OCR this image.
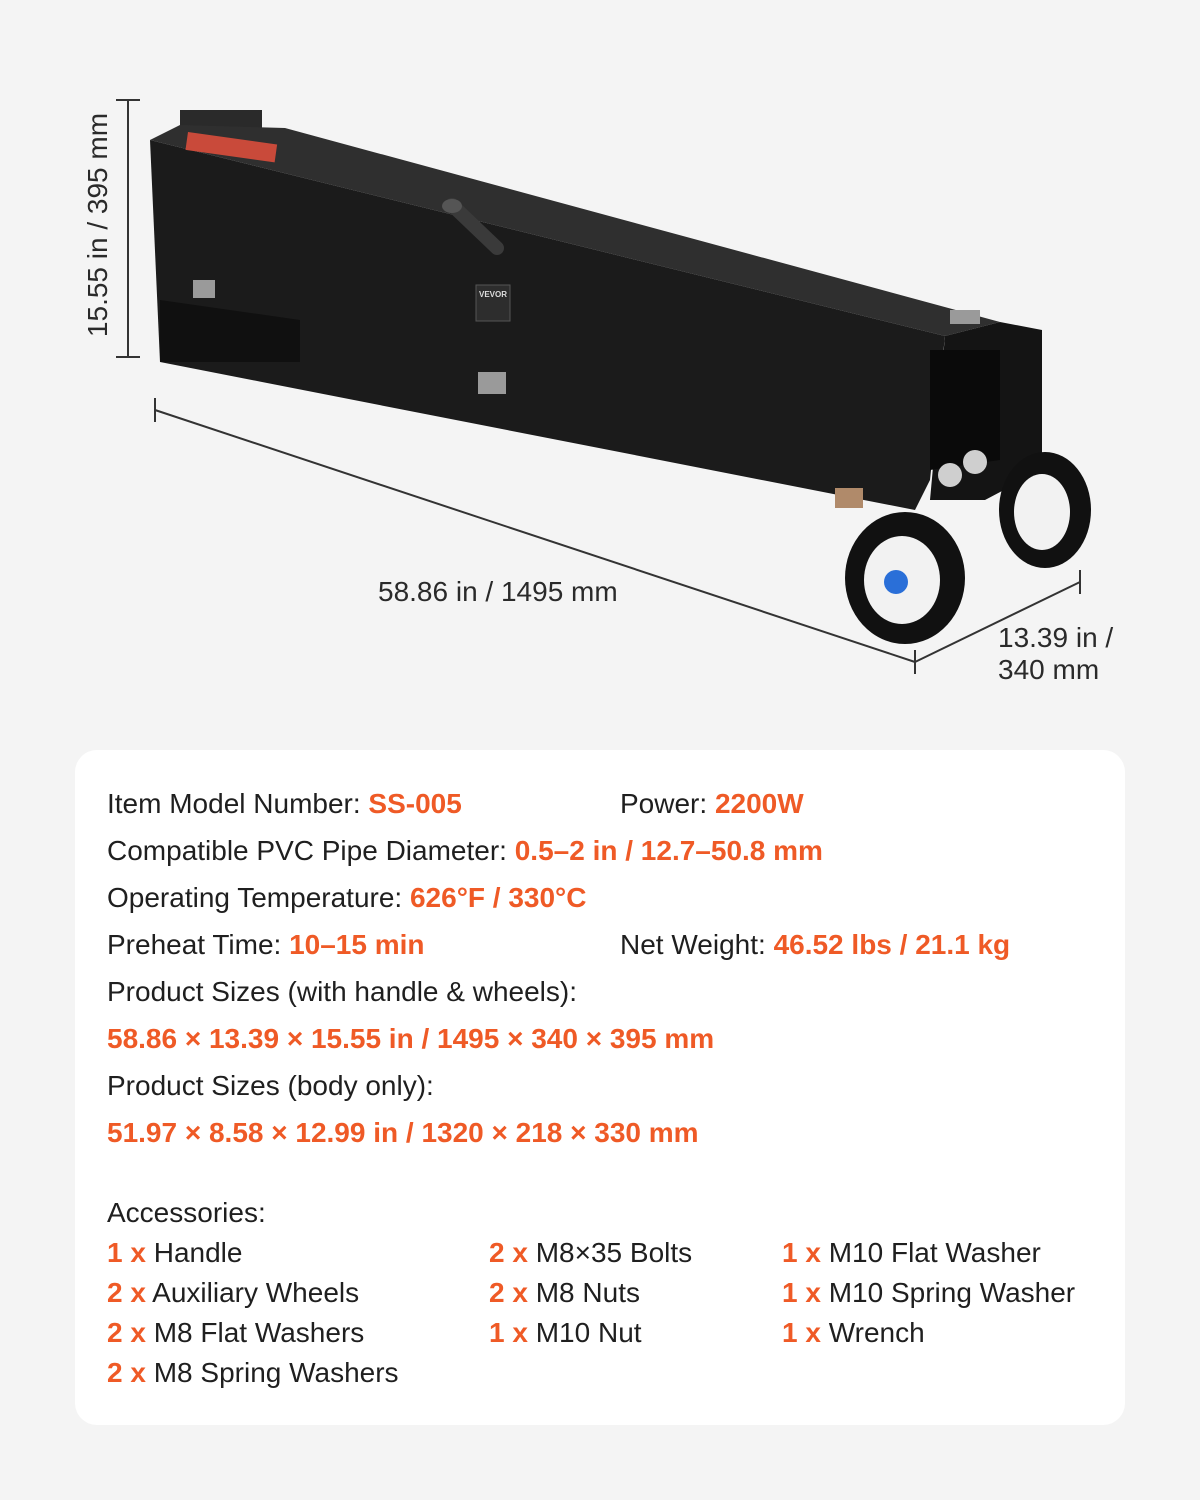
VEVOR
15.55 in / 395 mm
58.86 in / 1495 mm
13.39 in /
340 mm
Item Model Number: SS-005	Power: 2200W
Compatible PVC Pipe Diameter: 0.5–2 in / 12.7–50.8 mm
Operating Temperature: 626°F / 330°C
Preheat Time: 10–15 min	Net Weight: 46.52 lbs / 21.1 kg
Product Sizes (with handle & wheels):
58.86 × 13.39 × 15.55 in / 1495 × 340 × 395 mm
Product Sizes (body only):
51.97 × 8.58 × 12.99 in / 1320 × 218 × 330 mm
Accessories:
1 x Handle
2 x Auxiliary Wheels
2 x M8 Flat Washers
2 x M8 Spring Washers
2 x M8×35 Bolts
2 x M8 Nuts
1 x M10 Nut
1 x M10 Flat Washer
1 x M10 Spring Washer
1 x Wrench
